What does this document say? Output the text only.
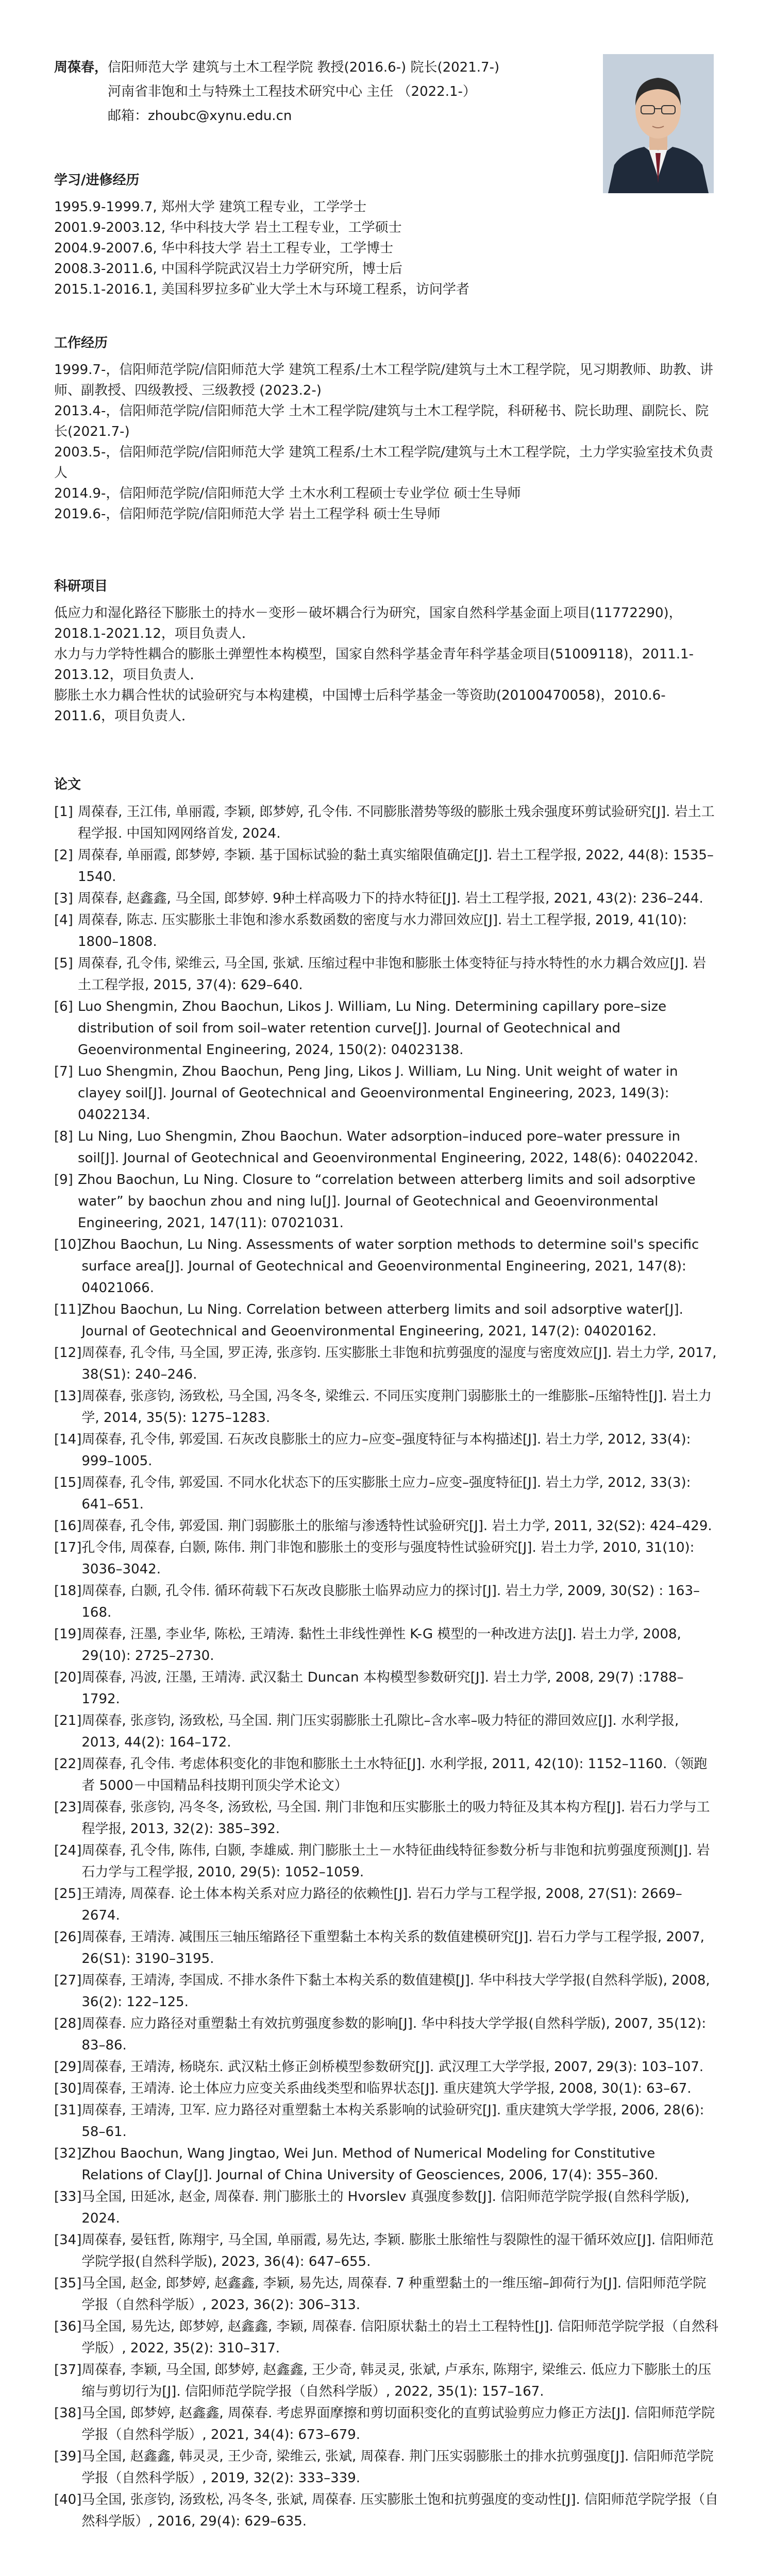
周葆春，信阳师范大学 建筑与土木工程学院 教授(2016.6-) 院长(2021.7-)

河南省非饱和土与特殊土工程技术研究中心 主任 （2022.1-）

邮箱：zhoubc@xynu.edu.cn

学习/进修经历

1995.9-1999.7, 郑州大学 建筑工程专业，工学学士

2001.9-2003.12, 华中科技大学 岩土工程专业，工学硕士

2004.9-2007.6, 华中科技大学 岩土工程专业，工学博士

2008.3-2011.6, 中国科学院武汉岩土力学研究所，博士后

2015.1-2016.1, 美国科罗拉多矿业大学土木与环境工程系，访问学者

工作经历

1999.7-，信阳师范学院/信阳师范大学 建筑工程系/土木工程学院/建筑与土木工程学院，见习期教师、助教、讲师、副教授、四级教授、三级教授 (2023.2-)

2013.4-，信阳师范学院/信阳师范大学 土木工程学院/建筑与土木工程学院，科研秘书、院长助理、副院长、院长(2021.7-)

2003.5-，信阳师范学院/信阳师范大学 建筑工程系/土木工程学院/建筑与土木工程学院，土力学实验室技术负责人

2014.9-，信阳师范学院/信阳师范大学 土木水利工程硕士专业学位 硕士生导师

2019.6-，信阳师范学院/信阳师范大学 岩土工程学科 硕士生导师

科研项目

低应力和湿化路径下膨胀土的持水－变形－破坏耦合行为研究，国家自然科学基金面上项目(11772290)，2018.1-2021.12，项目负责人．

水力与力学特性耦合的膨胀土弹塑性本构模型，国家自然科学基金青年科学基金项目(51009118)，2011.1-2013.12，项目负责人．

膨胀土水力耦合性状的试验研究与本构建模，中国博士后科学基金一等资助(20100470058)，2010.6-2011.6，项目负责人．

论文
[1] 周葆春, 王江伟, 单丽霞, 李颖, 郎梦婷, 孔令伟. 不同膨胀潜势等级的膨胀土残余强度环剪试验研究[J]. 岩土工程学报. 中国知网网络首发, 2024.
[2] 周葆春, 单丽霞, 郎梦婷, 李颖. 基于国标试验的黏土真实缩限值确定[J]. 岩土工程学报, 2022, 44(8): 1535–1540.
[3] 周葆春, 赵鑫鑫, 马全国, 郎梦婷. 9种土样高吸力下的持水特征[J]. 岩土工程学报, 2021, 43(2): 236–244.
[4] 周葆春, 陈志. 压实膨胀土非饱和渗水系数函数的密度与水力滞回效应[J]. 岩土工程学报, 2019, 41(10): 1800–1808.
[5] 周葆春, 孔令伟, 梁维云, 马全国, 张斌. 压缩过程中非饱和膨胀土体变特征与持水特性的水力耦合效应[J]. 岩土工程学报, 2015, 37(4): 629–640.
[6] Luo Shengmin, Zhou Baochun, Likos J. William, Lu Ning. Determining capillary pore–size distribution of soil from soil–water retention curve[J]. Journal of Geotechnical and Geoenvironmental Engineering, 2024, 150(2): 04023138.
[7] Luo Shengmin, Zhou Baochun, Peng Jing, Likos J. William, Lu Ning. Unit weight of water in clayey soil[J]. Journal of Geotechnical and Geoenvironmental Engineering, 2023, 149(3): 04022134.
[8] Lu Ning, Luo Shengmin, Zhou Baochun. Water adsorption–induced pore–water pressure in soil[J]. Journal of Geotechnical and Geoenvironmental Engineering, 2022, 148(6): 04022042.
[9] Zhou Baochun, Lu Ning. Closure to “correlation between atterberg limits and soil adsorptive water” by baochun zhou and ning lu[J]. Journal of Geotechnical and Geoenvironmental Engineering, 2021, 147(11): 07021031.
[10] Zhou Baochun, Lu Ning. Assessments of water sorption methods to determine soil's specific surface area[J]. Journal of Geotechnical and Geoenvironmental Engineering, 2021, 147(8): 04021066.
[11] Zhou Baochun, Lu Ning. Correlation between atterberg limits and soil adsorptive water[J]. Journal of Geotechnical and Geoenvironmental Engineering, 2021, 147(2): 04020162.
[12] 周葆春, 孔令伟, 马全国, 罗正涛, 张彦钧. 压实膨胀土非饱和抗剪强度的湿度与密度效应[J]. 岩土力学, 2017, 38(S1): 240–246.
[13] 周葆春, 张彦钧, 汤致松, 马全国, 冯冬冬, 梁维云. 不同压实度荆门弱膨胀土的一维膨胀–压缩特性[J]. 岩土力学, 2014, 35(5): 1275–1283.
[14] 周葆春, 孔令伟, 郭爱国. 石灰改良膨胀土的应力–应变–强度特征与本构描述[J]. 岩土力学, 2012, 33(4): 999–1005.
[15] 周葆春, 孔令伟, 郭爱国. 不同水化状态下的压实膨胀土应力–应变–强度特征[J]. 岩土力学, 2012, 33(3): 641–651.
[16] 周葆春, 孔令伟, 郭爱国. 荆门弱膨胀土的胀缩与渗透特性试验研究[J]. 岩土力学, 2011, 32(S2): 424–429.
[17] 孔令伟, 周葆春, 白颢, 陈伟. 荆门非饱和膨胀土的变形与强度特性试验研究[J]. 岩土力学, 2010, 31(10): 3036–3042.
[18] 周葆春, 白颢, 孔令伟. 循环荷载下石灰改良膨胀土临界动应力的探讨[J]. 岩土力学, 2009, 30(S2) : 163–168.
[19] 周葆春, 汪墨, 李业华, 陈松, 王靖涛. 黏性土非线性弹性 K-G 模型的一种改进方法[J]. 岩土力学, 2008, 29(10): 2725–2730.
[20] 周葆春, 冯波, 汪墨, 王靖涛. 武汉黏土 Duncan 本构模型参数研究[J]. 岩土力学, 2008, 29(7) :1788–1792.
[21] 周葆春, 张彦钧, 汤致松, 马全国. 荆门压实弱膨胀土孔隙比–含水率–吸力特征的滞回效应[J]. 水利学报, 2013, 44(2): 164–172.
[22] 周葆春, 孔令伟. 考虑体积变化的非饱和膨胀土土水特征[J]. 水利学报, 2011, 42(10): 1152–1160.（领跑者 5000－中国精品科技期刊顶尖学术论文）
[23] 周葆春, 张彦钧, 冯冬冬, 汤致松, 马全国. 荆门非饱和压实膨胀土的吸力特征及其本构方程[J]. 岩石力学与工程学报, 2013, 32(2): 385–392.
[24] 周葆春, 孔令伟, 陈伟, 白颢, 李雄威. 荆门膨胀土土－水特征曲线特征参数分析与非饱和抗剪强度预测[J]. 岩石力学与工程学报, 2010, 29(5): 1052–1059.
[25] 王靖涛, 周葆春. 论土体本构关系对应力路径的依赖性[J]. 岩石力学与工程学报, 2008, 27(S1): 2669–2674.
[26] 周葆春, 王靖涛. 减围压三轴压缩路径下重塑黏土本构关系的数值建模研究[J]. 岩石力学与工程学报, 2007, 26(S1): 3190–3195.
[27] 周葆春, 王靖涛, 李国成. 不排水条件下黏土本构关系的数值建模[J]. 华中科技大学学报(自然科学版), 2008, 36(2): 122–125.
[28] 周葆春. 应力路径对重塑黏土有效抗剪强度参数的影响[J]. 华中科技大学学报(自然科学版), 2007, 35(12): 83–86.
[29] 周葆春, 王靖涛, 杨晓东. 武汉粘土修正剑桥模型参数研究[J]. 武汉理工大学学报, 2007, 29(3): 103–107.
[30] 周葆春, 王靖涛. 论土体应力应变关系曲线类型和临界状态[J]. 重庆建筑大学学报, 2008, 30(1): 63–67.
[31] 周葆春, 王靖涛, 卫军. 应力路径对重塑黏土本构关系影响的试验研究[J]. 重庆建筑大学学报, 2006, 28(6): 58–61.
[32] Zhou Baochun, Wang Jingtao, Wei Jun. Method of Numerical Modeling for Constitutive Relations of Clay[J]. Journal of China University of Geosciences, 2006, 17(4): 355–360.
[33] 马全国, 田延冰, 赵金, 周葆春. 荆门膨胀土的 Hvorslev 真强度参数[J]. 信阳师范学院学报(自然科学版), 2024.
[34] 周葆春, 晏钰哲, 陈翔宇, 马全国, 单丽霞, 易先达, 李颖. 膨胀土胀缩性与裂隙性的湿干循环效应[J]. 信阳师范学院学报(自然科学版), 2023, 36(4): 647–655.
[35] 马全国, 赵金, 郎梦婷, 赵鑫鑫, 李颖, 易先达, 周葆春. 7 种重塑黏土的一维压缩–卸荷行为[J]. 信阳师范学院学报（自然科学版）, 2023, 36(2): 306–313.
[36] 马全国, 易先达, 郎梦婷, 赵鑫鑫, 李颖, 周葆春. 信阳原状黏土的岩土工程特性[J]. 信阳师范学院学报（自然科学版）, 2022, 35(2): 310–317.
[37] 周葆春, 李颖, 马全国, 郎梦婷, 赵鑫鑫, 王少奇, 韩灵灵, 张斌, 卢承东, 陈翔宇, 梁维云. 低应力下膨胀土的压缩与剪切行为[J]. 信阳师范学院学报（自然科学版）, 2022, 35(1): 157–167.
[38] 马全国, 郎梦婷, 赵鑫鑫, 周葆春. 考虑界面摩擦和剪切面积变化的直剪试验剪应力修正方法[J]. 信阳师范学院学报（自然科学版）, 2021, 34(4): 673–679.
[39] 马全国, 赵鑫鑫, 韩灵灵, 王少奇, 梁维云, 张斌, 周葆春. 荆门压实弱膨胀土的排水抗剪强度[J]. 信阳师范学院学报（自然科学版）, 2019, 32(2): 333–339.
[40] 马全国, 张彦钧, 汤致松, 冯冬冬, 张斌, 周葆春. 压实膨胀土饱和抗剪强度的变动性[J]. 信阳师范学院学报（自然科学版）, 2016, 29(4): 629–635.
